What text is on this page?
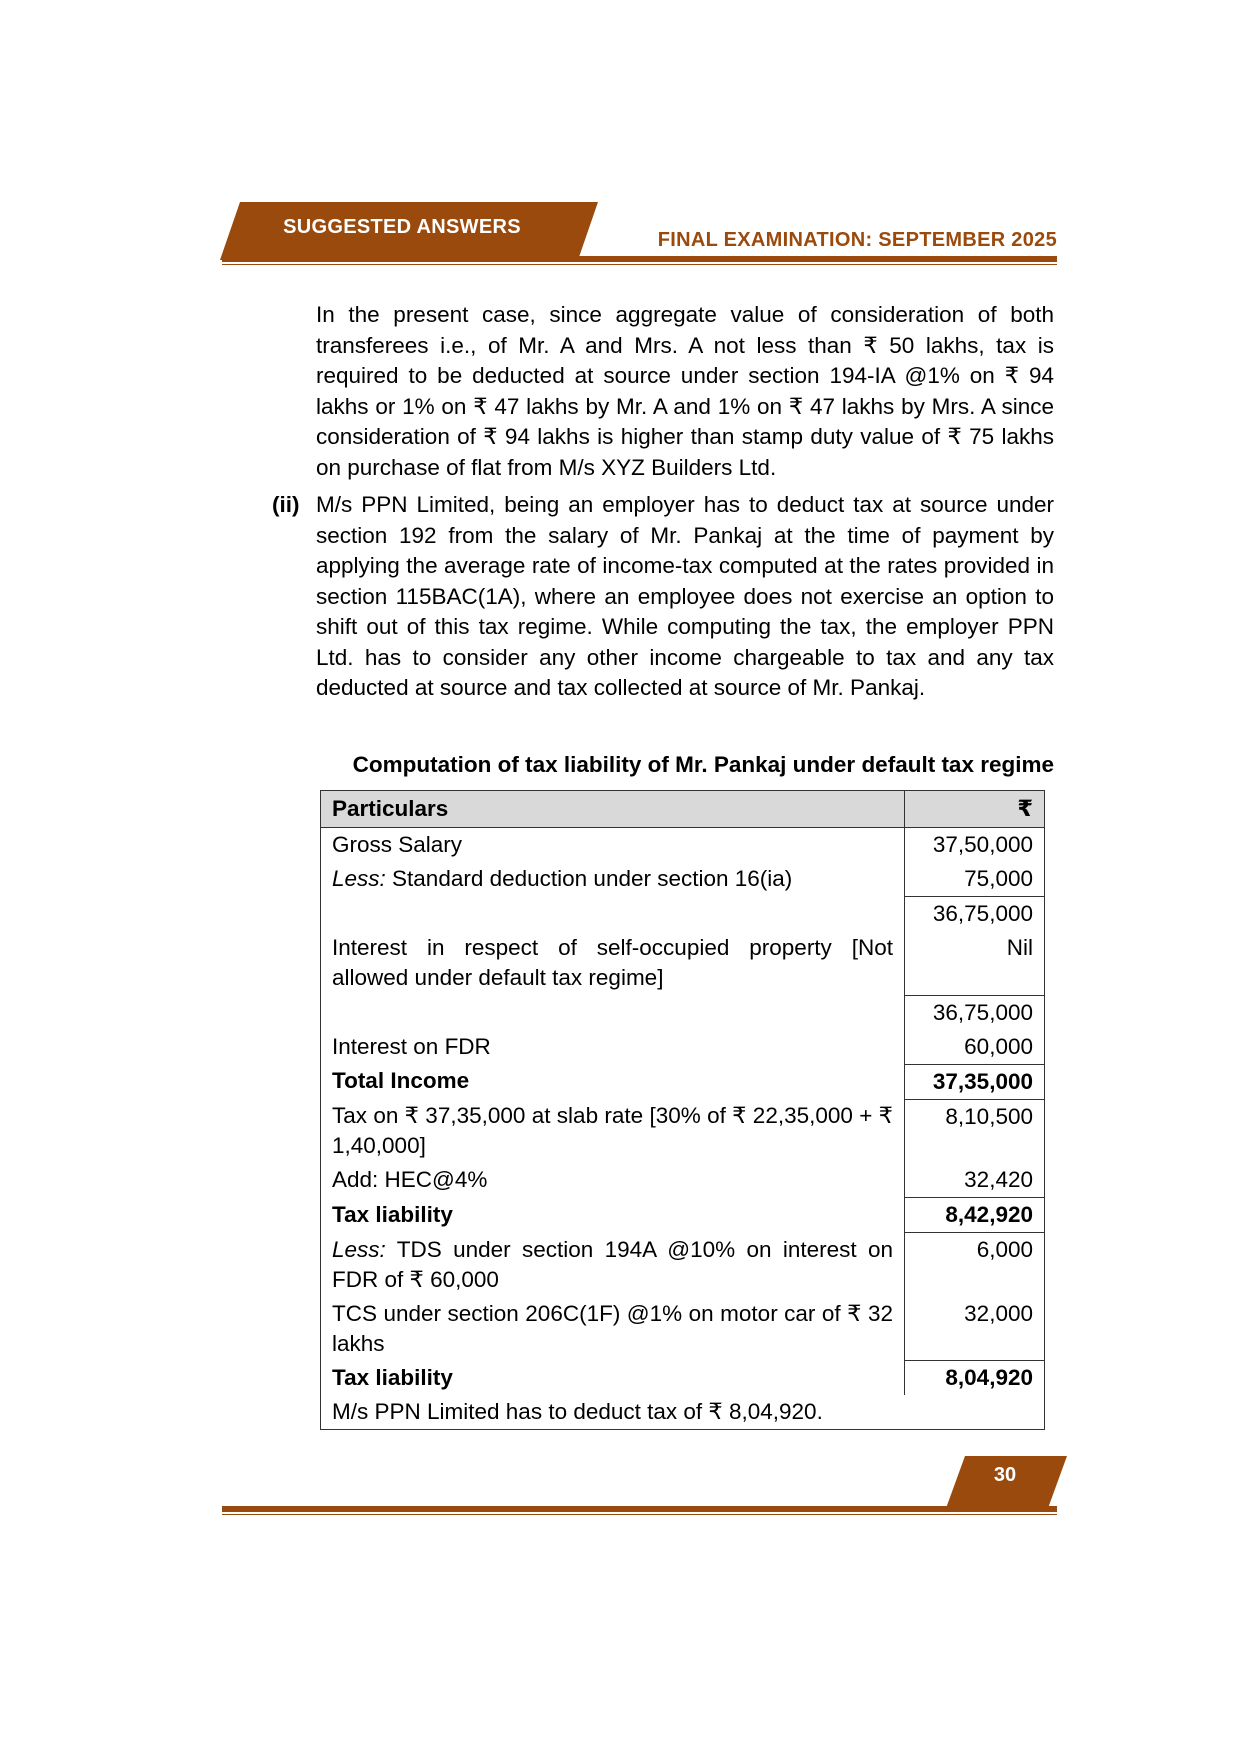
SUGGESTED ANSWERS
FINAL EXAMINATION: SEPTEMBER 2025
In the present case, since aggregate value of consideration of both transferees i.e., of Mr. A and Mrs. A not less than ₹ 50 lakhs, tax is required to be deducted at source under section 194-IA @1% on ₹ 94 lakhs or 1% on ₹ 47 lakhs by Mr. A and 1% on ₹ 47 lakhs by Mrs. A since consideration of ₹ 94 lakhs is higher than stamp duty value of ₹ 75 lakhs on purchase of flat from M/s XYZ Builders Ltd.
(ii) M/s PPN Limited, being an employer has to deduct tax at source under section 192 from the salary of Mr. Pankaj at the time of payment by applying the average rate of income-tax computed at the rates provided in section 115BAC(1A), where an employee does not exercise an option to shift out of this tax regime. While computing the tax, the employer PPN Ltd. has to consider any other income chargeable to tax and any tax deducted at source and tax collected at source of Mr. Pankaj.
Computation of tax liability of Mr. Pankaj under default tax regime
Particulars	₹
Gross Salary	37,50,000
Less: Standard deduction under section 16(ia)	75,000
	36,75,000
Interest in respect of self-occupied property [Not allowed under default tax regime]	Nil
	36,75,000
Interest on FDR	60,000
Total Income	37,35,000
Tax on ₹ 37,35,000 at slab rate [30% of ₹ 22,35,000 + ₹ 1,40,000]	8,10,500
Add: HEC@4%	32,420
Tax liability	8,42,920
Less: TDS under section 194A @10% on interest on FDR of ₹ 60,000	6,000
TCS under section 206C(1F) @1% on motor car of ₹ 32 lakhs	32,000
Tax liability	8,04,920
M/s PPN Limited has to deduct tax of ₹ 8,04,920.	
30
